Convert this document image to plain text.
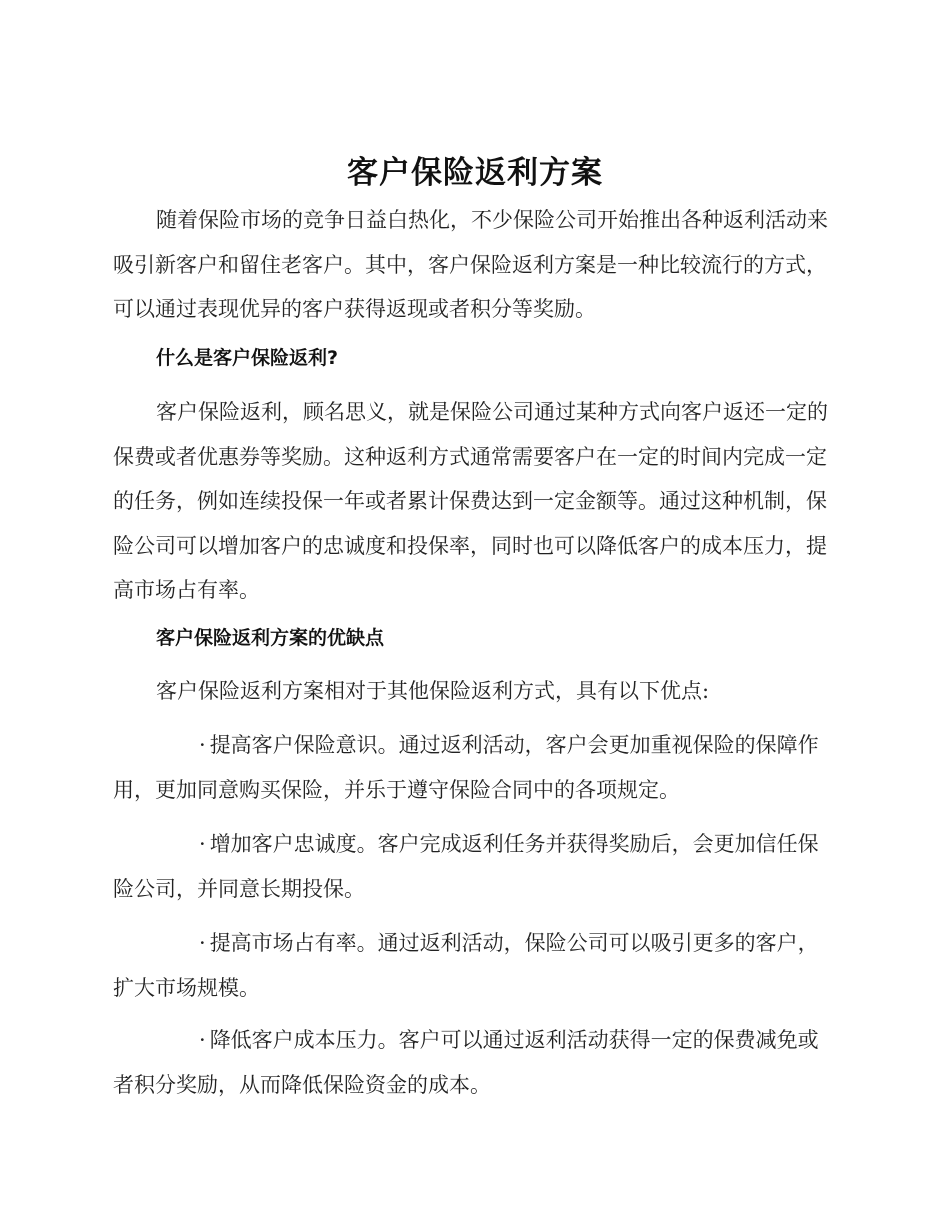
客户保险返利方案

随着保险市场的竞争日益白热化，不少保险公司开始推出各种返利活动来吸引新客户和留住老客户。其中，客户保险返利方案是一种比较流行的方式，可以通过表现优异的客户获得返现或者积分等奖励。

什么是客户保险返利?

客户保险返利，顾名思义，就是保险公司通过某种方式向客户返还一定的保费或者优惠券等奖励。这种返利方式通常需要客户在一定的时间内完成一定的任务，例如连续投保一年或者累计保费达到一定金额等。通过这种机制，保险公司可以增加客户的忠诚度和投保率，同时也可以降低客户的成本压力，提高市场占有率。

客户保险返利方案的优缺点

客户保险返利方案相对于其他保险返利方式，具有以下优点:

· 提高客户保险意识。通过返利活动，客户会更加重视保险的保障作用，更加同意购买保险，并乐于遵守保险合同中的各项规定。

· 增加客户忠诚度。客户完成返利任务并获得奖励后，会更加信任保险公司，并同意长期投保。

· 提高市场占有率。通过返利活动，保险公司可以吸引更多的客户，扩大市场规模。

· 降低客户成本压力。客户可以通过返利活动获得一定的保费减免或者积分奖励，从而降低保险资金的成本。
